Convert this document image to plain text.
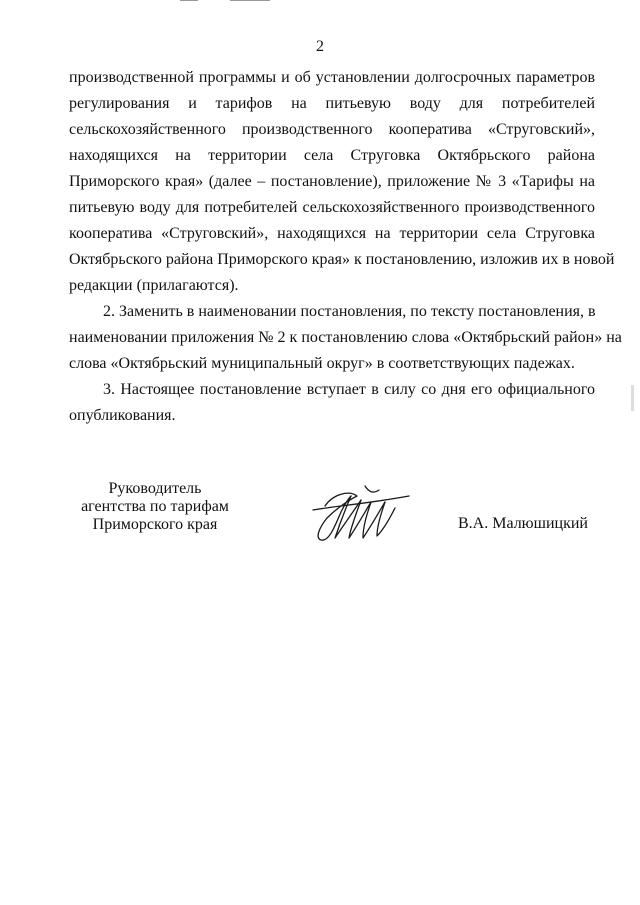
2
производственной программы и об установлении долгосрочных параметров
регулирования и тарифов на питьевую воду для потребителей
сельскохозяйственного производственного кооператива «Струговский»,
находящихся на территории села Струговка Октябрьского района
Приморского края» (далее – постановление), приложение № 3 «Тарифы на
питьевую воду для потребителей сельскохозяйственного производственного
кооператива «Струговский», находящихся на территории села Струговка
Октябрьского района Приморского края» к постановлению, изложив их в новой
редакции (прилагаются).
2. Заменить в наименовании постановления, по тексту постановления, в
наименовании приложения № 2 к постановлению слова «Октябрьский район» на
слова «Октябрьский муниципальный округ» в соответствующих падежах.
3. Настоящее постановление вступает в силу со дня его официального
опубликования.
Руководитель
агентства по тарифам
Приморского края	В.А. Малюшицкий
